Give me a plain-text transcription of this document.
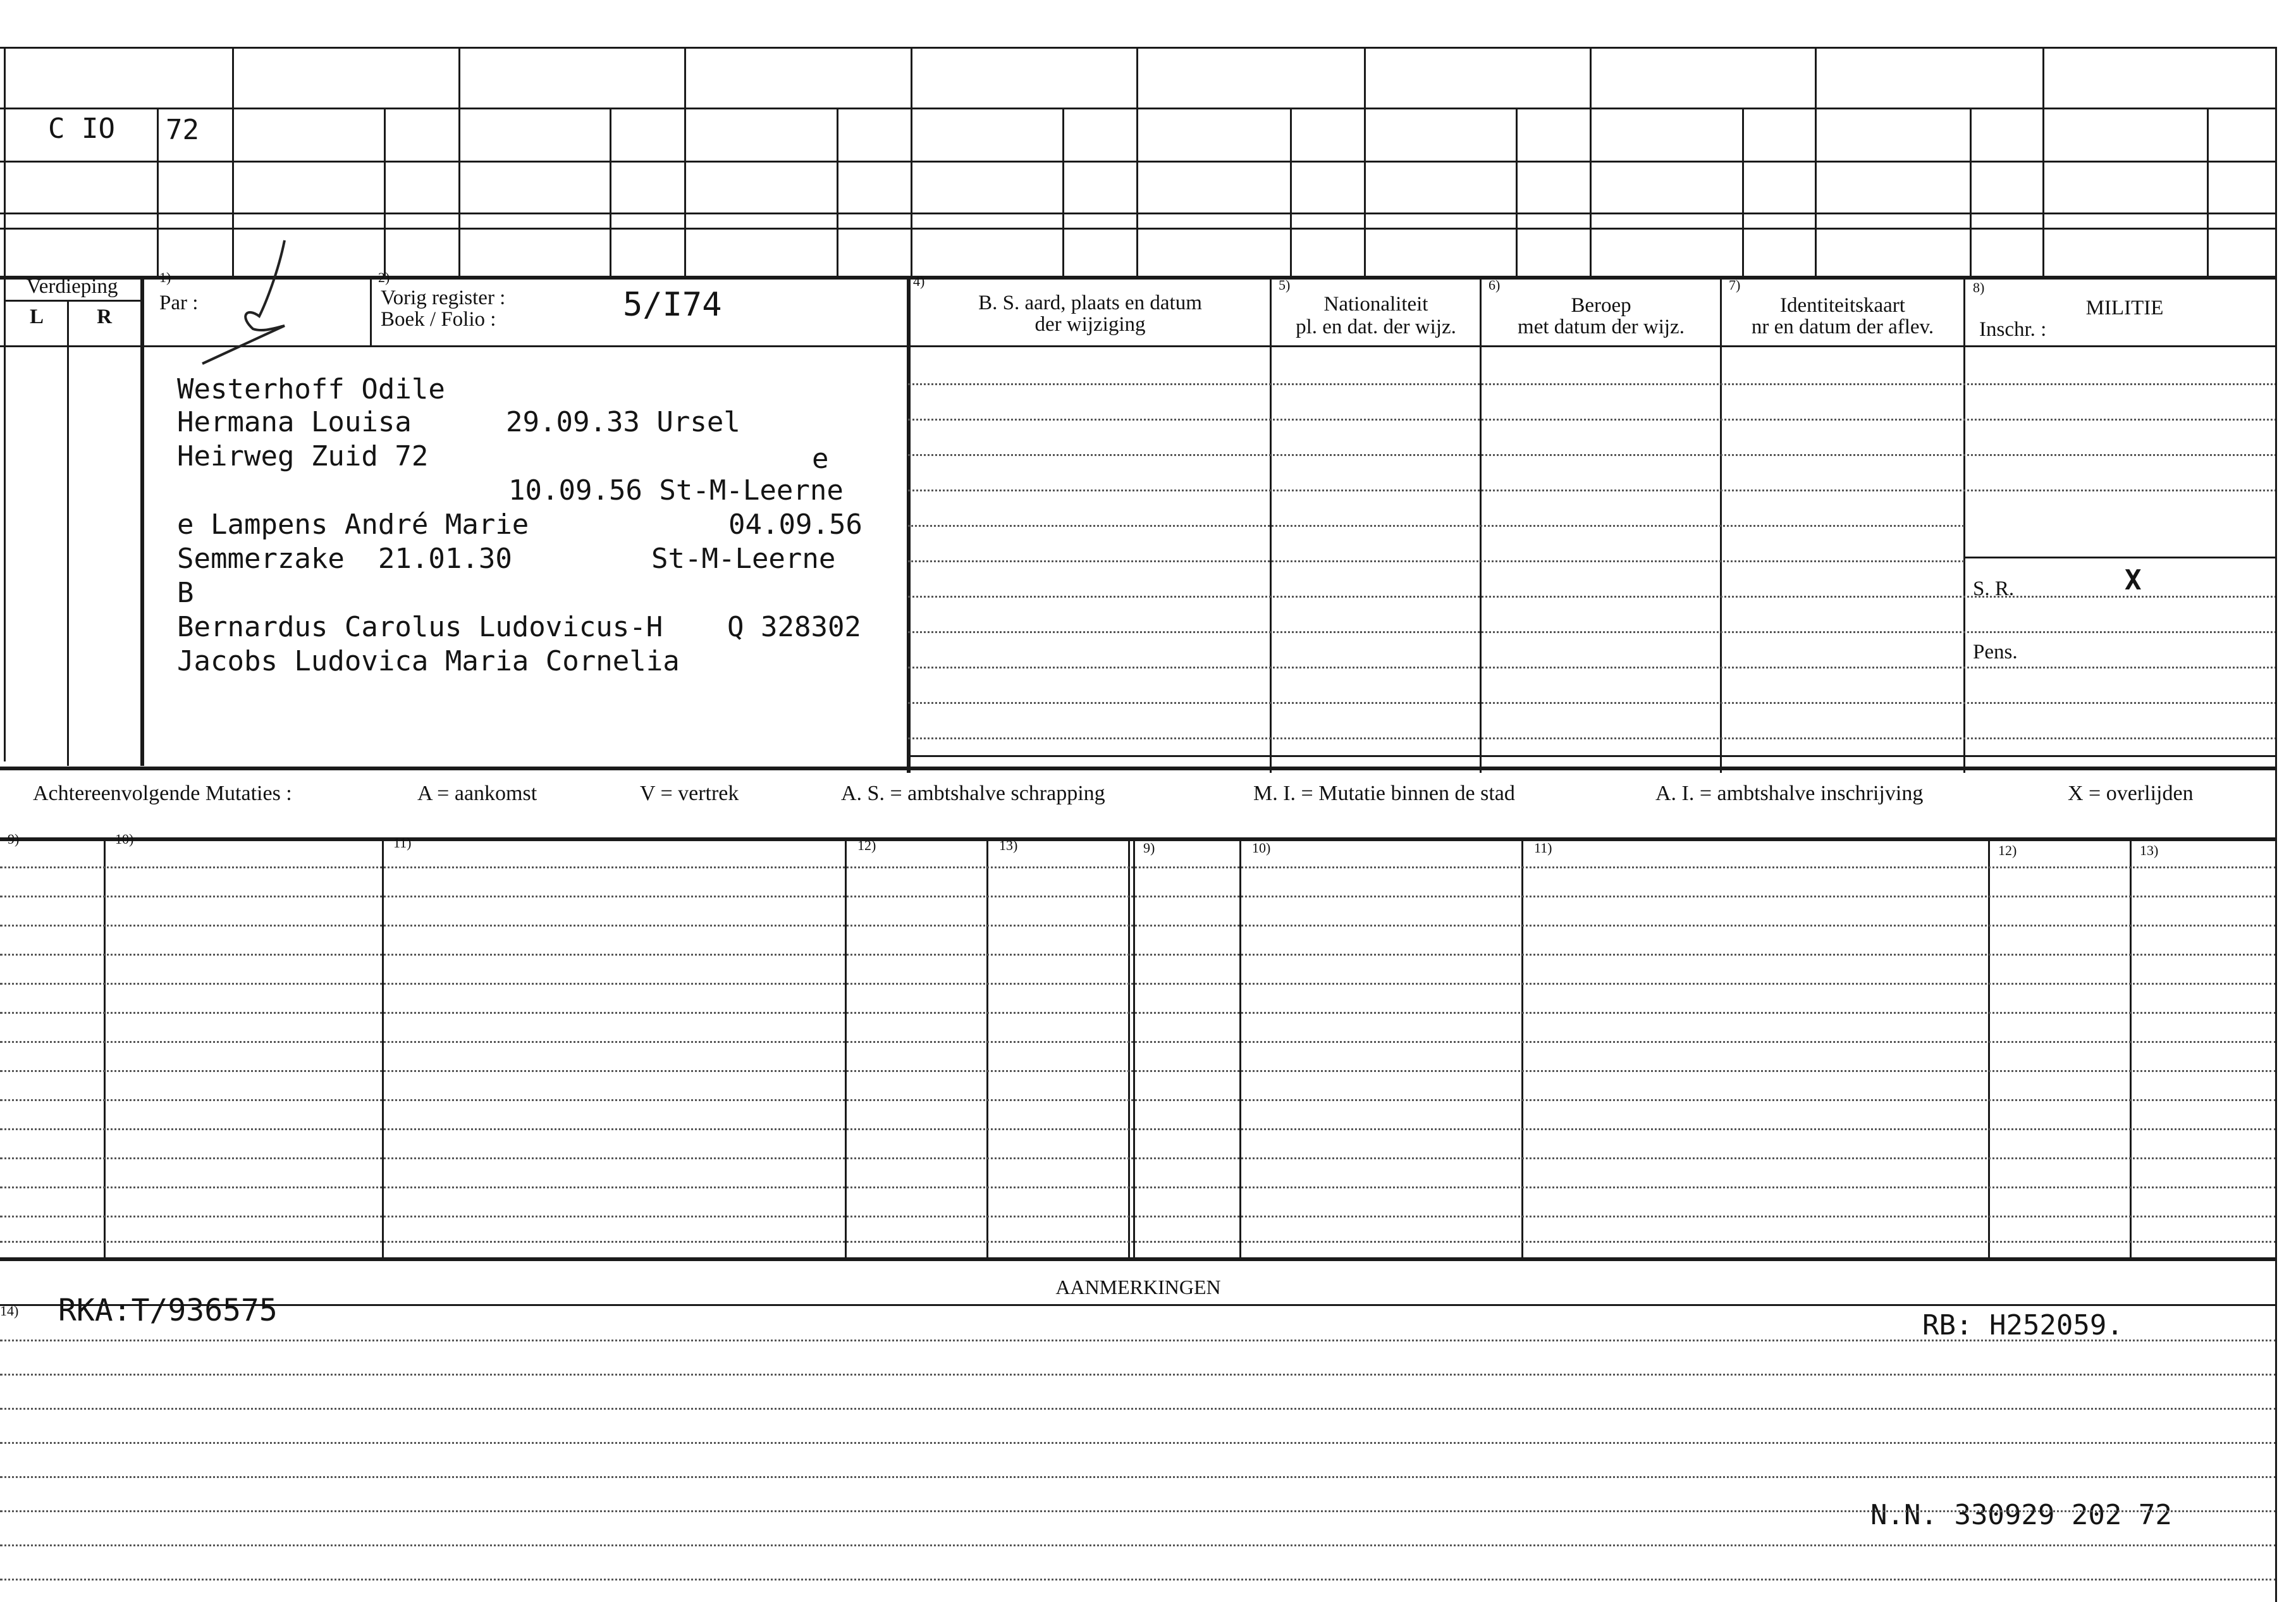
C IO 72
Verdieping
L	R
1)
Par :
2)
Vorig register :
Boek / Folio :	5/I74
4)
B. S. aard, plaats en datum
der wijziging
5)
Nationaliteit
pl. en dat. der wijz.
6)
Beroep
met datum der wijz.
7)
Identiteitskaart
nr en datum der aflev.
8)
MILITIE
Inschr. :
S. R.	X
Pens.
Westerhoff Odile
Hermana Louisa	29.09.33 Ursel
Heirweg Zuid 72	e
10.09.56 St-M-Leerne
e Lampens André Marie	04.09.56
Semmerzake  21.01.30	St-M-Leerne
B
Bernardus Carolus Ludovicus-H Q 328302
Jacobs Ludovica Maria Cornelia
Achtereenvolgende Mutaties :	A = aankomst	V = vertrek	A. S. = ambtshalve schrapping	M. I. = Mutatie binnen de stad	A. I. = ambtshalve inschrijving	X = overlijden
9)	10)	11)	12)	13)	9)	10)	11)	12)	13)
AANMERKINGEN
14) RKA:T/936575	RB: H252059.
N.N. 330929 202 72
